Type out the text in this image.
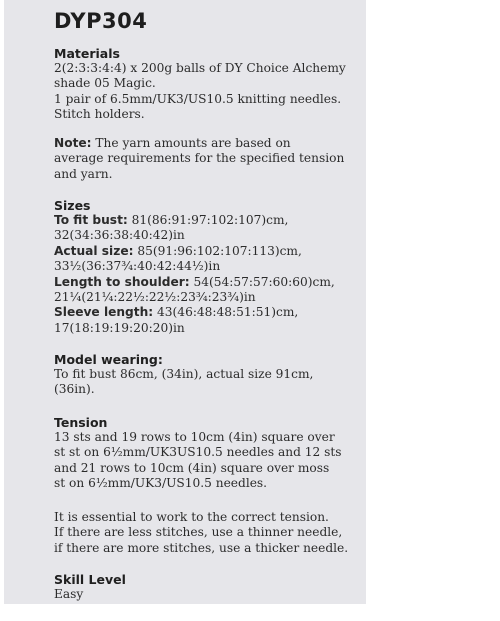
DYP304
Materials
2(2:3:3:4:4) x 200g balls of DY Choice Alchemy
shade 05 Magic.
1 pair of 6.5mm/UK3/US10.5 knitting needles.
Stitch holders.
Note: The yarn amounts are based on
average requirements for the specified tension
and yarn.
Sizes
To fit bust: 81(86:91:97:102:107)cm,
32(34:36:38:40:42)in
Actual size: 85(91:96:102:107:113)cm,
33½(36:37¾:40:42:44½)in
Length to shoulder: 54(54:57:57:60:60)cm,
21¼(21¼:22½:22½:23¾:23¾)in
Sleeve length: 43(46:48:48:51:51)cm,
17(18:19:19:20:20)in
Model wearing:
To fit bust 86cm, (34in), actual size 91cm,
(36in).
Tension
13 sts and 19 rows to 10cm (4in) square over
st st on 6½mm/UK3US10.5 needles and 12 sts
and 21 rows to 10cm (4in) square over moss
st on 6½mm/UK3/US10.5 needles.
It is essential to work to the correct tension.
If there are less stitches, use a thinner needle,
if there are more stitches, use a thicker needle.
Skill Level
Easy
